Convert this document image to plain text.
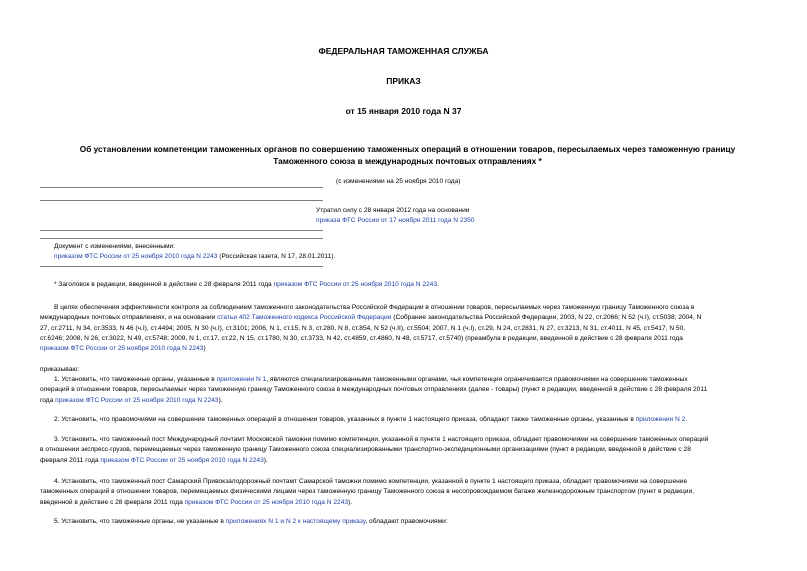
ФЕДЕРАЛЬНАЯ ТАМОЖЕННАЯ СЛУЖБА
ПРИКАЗ
от 15 января 2010 года N 37
Об установлении компетенции таможенных органов по совершению таможенных операций в отношении товаров, пересылаемых через таможенную границу
Таможенного союза в международных почтовых отправлениях *
(с изменениями на 25 ноября 2010 года)
Утратил силу с 28 января 2012 года на основании
приказа ФТС России от 17 ноября 2011 года N 2350
Документ с изменениями, внесенными:
приказом ФТС России от 25 ноября 2010 года N 2243 (Российская газета, N 17, 28.01.2011).
* Заголовок в редакции, введенной в действие с 28 февраля 2011 года приказом ФТС России от 25 ноября 2010 года N 2243.
В целях обеспечения эффективности контроля за соблюдением таможенного законодательства Российской Федерации в отношении товаров, пересылаемых через таможенную границу Таможенного союза в
международных почтовых отправлениях, и на основании статьи 402 Таможенного кодекса Российской Федерации (Собрание законодательства Российской Федерации, 2003, N 22, ст.2066; N 52 (ч.I), ст.5038; 2004, N
27, ст.2711, N 34, ст.3533, N 46 (ч.I), ст.4494; 2005, N 30 (ч.I), ст.3101; 2006, N 1, ст.15, N 3, ст.280, N 8, ст.854, N 52 (ч.II), ст.5504; 2007, N 1 (ч.I), ст.29, N 24, ст.2831, N 27, ст.3213, N 31, ст.4011, N 45, ст.5417, N 50,
ст.6246; 2008, N 26, ст.3022, N 49, ст.5748; 2009, N 1, ст.17, ст.22, N 15, ст.1780, N 30, ст.3733, N 42, ст.4859, ст.4860, N 48, ст.5717, ст.5740) (преамбула в редакции, введенной в действие с 28 февраля 2011 года
приказом ФТС России от 25 ноября 2010 года N 2243)
приказываю:
1. Установить, что таможенные органы, указанные в приложении N 1, являются специализированными таможенными органами, чья компетенция ограничивается правомочиями на совершение таможенных
операций в отношении товаров, пересылаемых через таможенную границу Таможенного союза в международных почтовых отправлениях (далее - товары) (пункт в редакции, введенной в действие с 28 февраля 2011
года приказом ФТС России от 25 ноября 2010 года N 2243).
2. Установить, что правомочиями на совершение таможенных операций в отношении товаров, указанных в пункте 1 настоящего приказа, обладают также таможенные органы, указанные в приложении N 2.
3. Установить, что таможенный пост Международный почтамт Московской таможни помимо компетенции, указанной в пункте 1 настоящего приказа, обладает правомочиями на совершение таможенных операций
в отношении экспресс-грузов, перемещаемых через таможенную границу Таможенного союза специализированными транспортно-экспедиционными организациями (пункт в редакции, введенной в действие с 28
февраля 2011 года приказом ФТС России от 25 ноября 2010 года N 2243).
4. Установить, что таможенный пост Самарский Привокзалодорожный почтамт Самарской таможни помимо компетенции, указанной в пункте 1 настоящего приказа, обладает правомочиями на совершение
таможенных операций в отношении товаров, перемещаемых физическими лицами через таможенную границу Таможенного союза в несопровождаемом багаже железнодорожным транспортом (пункт в редакции,
введенной в действие с 28 февраля 2011 года приказом ФТС России от 25 ноября 2010 года N 2243).
5. Установить, что таможенные органы, не указанные в приложениях N 1 и N 2 к настоящему приказу, обладают правомочиями:
